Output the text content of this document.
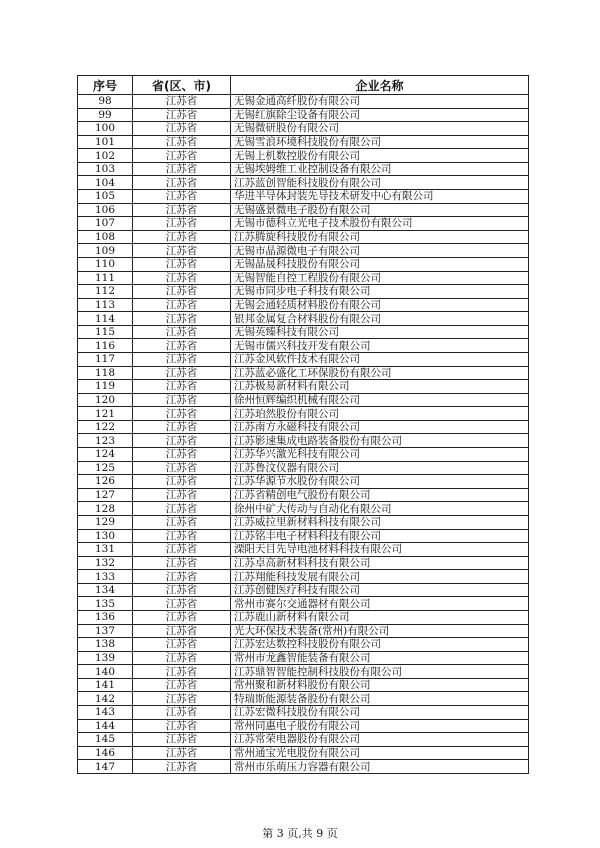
序号	省(区、市)	企业名称
98	江苏省	无锡金通高纤股份有限公司
99	江苏省	无锡红旗除尘设备有限公司
100	江苏省	无锡微研股份有限公司
101	江苏省	无锡雪浪环境科技股份有限公司
102	江苏省	无锡上机数控股份有限公司
103	江苏省	无锡埃姆维工业控制设备有限公司
104	江苏省	江苏蓝创智能科技股份有限公司
105	江苏省	华进半导体封装先导技术研发中心有限公司
106	江苏省	无锡盛景微电子股份有限公司
107	江苏省	无锡市德科立光电子技术股份有限公司
108	江苏省	江苏腾旋科技股份有限公司
109	江苏省	无锡市晶源微电子有限公司
110	江苏省	无锡晶晟科技股份有限公司
111	江苏省	无锡智能自控工程股份有限公司
112	江苏省	无锡市同步电子科技有限公司
113	江苏省	无锡会通轻质材料股份有限公司
114	江苏省	银邦金属复合材料股份有限公司
115	江苏省	无锡英臻科技有限公司
116	江苏省	无锡市儒兴科技开发有限公司
117	江苏省	江苏金风软件技术有限公司
118	江苏省	江苏蓝必盛化工环保股份有限公司
119	江苏省	江苏极易新材料有限公司
120	江苏省	徐州恒辉编织机械有限公司
121	江苏省	江苏珀然股份有限公司
122	江苏省	江苏南方永磁科技有限公司
123	江苏省	江苏影速集成电路装备股份有限公司
124	江苏省	江苏华兴激光科技有限公司
125	江苏省	江苏鲁汶仪器有限公司
126	江苏省	江苏华源节水股份有限公司
127	江苏省	江苏省精创电气股份有限公司
128	江苏省	徐州中矿大传动与自动化有限公司
129	江苏省	江苏威拉里新材料科技有限公司
130	江苏省	江苏铭丰电子材料科技有限公司
131	江苏省	溧阳天目先导电池材料科技有限公司
132	江苏省	江苏卓高新材料科技有限公司
133	江苏省	江苏翔能科技发展有限公司
134	江苏省	江苏创健医疗科技有限公司
135	江苏省	常州市赛尔交通器材有限公司
136	江苏省	江苏鹿山新材料有限公司
137	江苏省	光大环保技术装备(常州)有限公司
138	江苏省	江苏宏达数控科技股份有限公司
139	江苏省	常州市龙鑫智能装备有限公司
140	江苏省	江苏鼎智智能控制科技股份有限公司
141	江苏省	常州聚和新材料股份有限公司
142	江苏省	特瑞斯能源装备股份有限公司
143	江苏省	江苏宏微科技股份有限公司
144	江苏省	常州同惠电子股份有限公司
145	江苏省	江苏常荣电器股份有限公司
146	江苏省	常州通宝光电股份有限公司
147	江苏省	常州市乐萌压力容器有限公司
第 3 页,共 9 页
